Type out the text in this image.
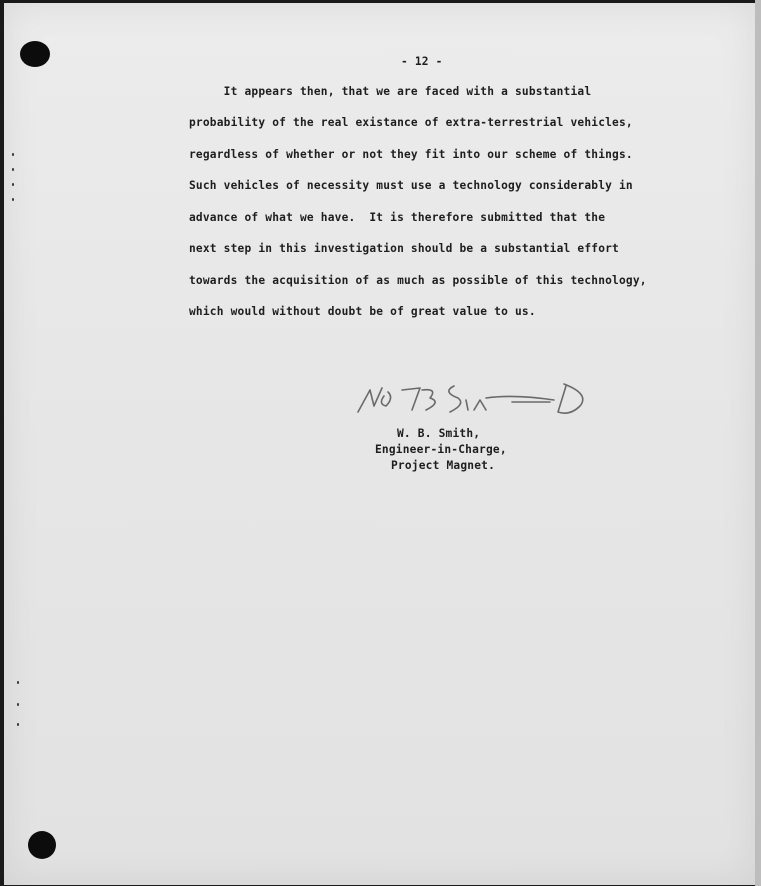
- 12 -
It appears then, that we are faced with a substantial
probability of the real existance of extra-terrestrial vehicles,
regardless of whether or not they fit into our scheme of things.
Such vehicles of necessity must use a technology considerably in
advance of what we have.  It is therefore submitted that the
next step in this investigation should be a substantial effort
towards the acquisition of as much as possible of this technology,
which would without doubt be of great value to us.
W. B. Smith,
Engineer-in-Charge,
Project Magnet.
